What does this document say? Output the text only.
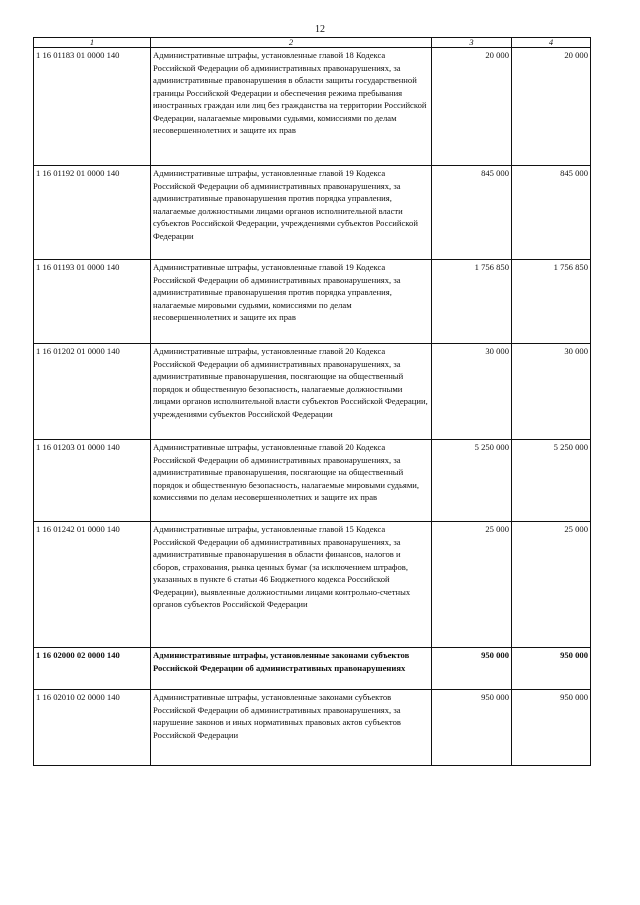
12
1	2	3	4
1 16 01183 01 0000 140	Административные штрафы, установленные главой 18 Кодекса Российской Федерации об административных правонарушениях, за административные правонарушения в области защиты государственной границы Российской Федерации и обеспечения режима пребывания иностранных граждан или лиц без гражданства на территории Российской Федерации, налагаемые мировыми судьями, комиссиями по делам несовершеннолетних и защите их прав	20 000	20 000
1 16 01192 01 0000 140	Административные штрафы, установленные главой 19 Кодекса Российской Федерации об административных правонарушениях, за административные правонарушения против порядка управления, налагаемые должностными лицами органов исполнительной власти субъектов Российской Федерации, учреждениями субъектов Российской Федерации	845 000	845 000
1 16 01193 01 0000 140	Административные штрафы, установленные главой 19 Кодекса Российской Федерации об административных правонарушениях, за административные правонарушения против порядка управления, налагаемые мировыми судьями, комиссиями по делам несовершеннолетних и защите их прав	1 756 850	1 756 850
1 16 01202 01 0000 140	Административные штрафы, установленные главой 20 Кодекса Российской Федерации об административных правонарушениях, за административные правонарушения, посягающие на общественный порядок и общественную безопасность, налагаемые должностными лицами органов исполнительной власти субъектов Российской Федерации, учреждениями субъектов Российской Федерации	30 000	30 000
1 16 01203 01 0000 140	Административные штрафы, установленные главой 20 Кодекса Российской Федерации об административных правонарушениях, за административные правонарушения, посягающие на общественный порядок и общественную безопасность, налагаемые мировыми судьями, комиссиями по делам несовершеннолетних и защите их прав	5 250 000	5 250 000
1 16 01242 01 0000 140	Административные штрафы, установленные главой 15 Кодекса Российской Федерации об административных правонарушениях, за административные правонарушения в области финансов, налогов и сборов, страхования, рынка ценных бумаг (за исключением штрафов, указанных в пункте 6 статьи 46 Бюджетного кодекса Российской Федерации), выявленные должностными лицами контрольно-счетных органов субъектов Российской Федерации	25 000	25 000
1 16 02000 02 0000 140	Административные штрафы, установленные законами субъектов Российской Федерации об административных правонарушениях	950 000	950 000
1 16 02010 02 0000 140	Административные штрафы, установленные законами субъектов Российской Федерации об административных правонарушениях, за нарушение законов и иных нормативных правовых актов субъектов Российской Федерации	950 000	950 000
